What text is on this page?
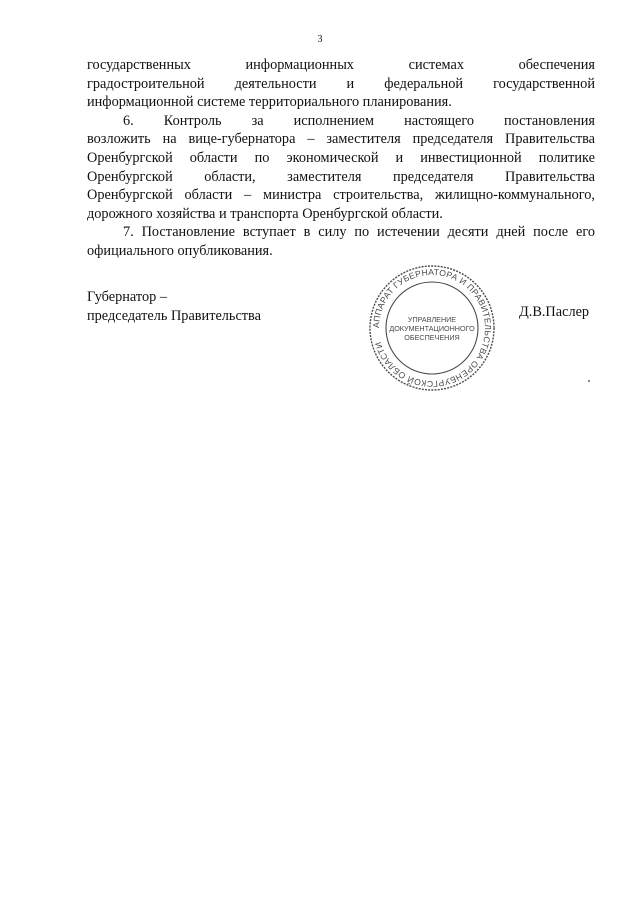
3
государственных информационных системах обеспечения
градостроительной деятельности и федеральной государственной
информационной системе территориального планирования.
6. Контроль за исполнением настоящего постановления
возложить на вице-губернатора – заместителя председателя Правительства
Оренбургской области по экономической и инвестиционной политике
Оренбургской области, заместителя председателя Правительства
Оренбургской области – министра строительства, жилищно-коммунального,
дорожного хозяйства и транспорта Оренбургской области.
7. Постановление вступает в силу по истечении десяти дней после его
официального опубликования.
Губернатор –
председатель Правительства	Д.В.Паслер
АППАРАТ ГУБЕРНАТОРА И ПРАВИТЕЛЬСТВА ОРЕНБУРГСКОЙ ОБЛАСТИ
УПРАВЛЕНИЕ
ДОКУМЕНТАЦИОННОГО
ОБЕСПЕЧЕНИЯ
